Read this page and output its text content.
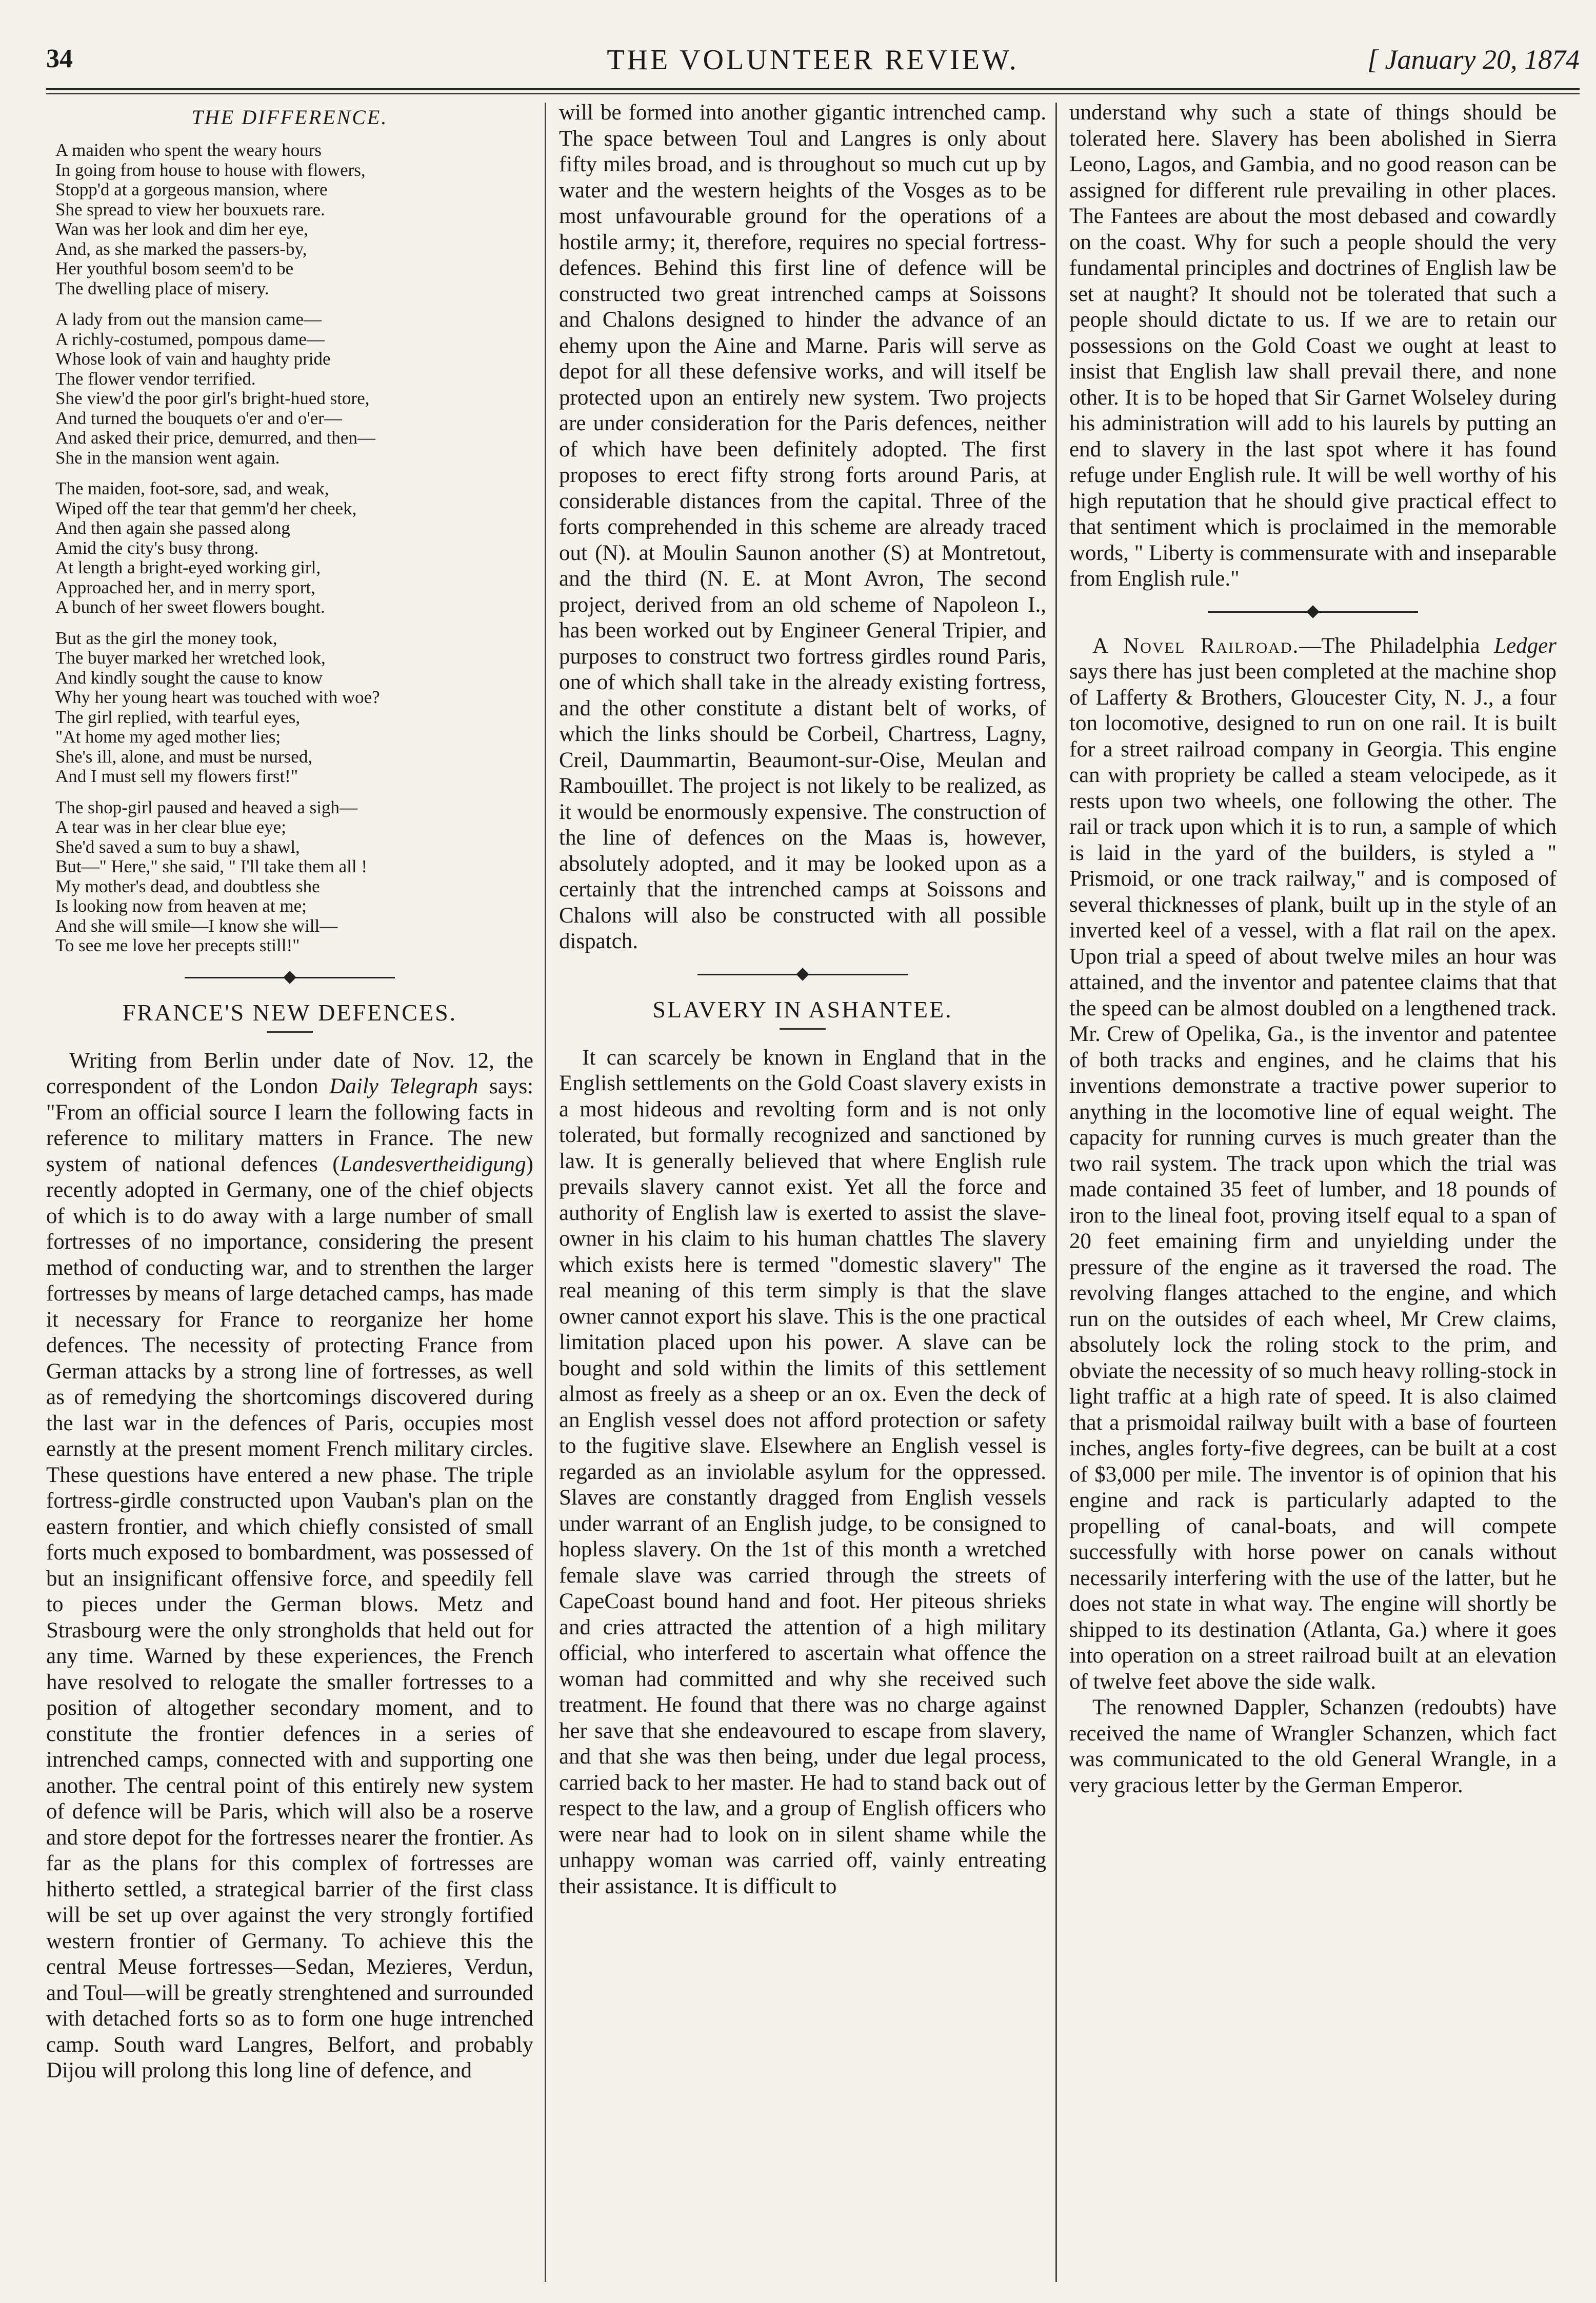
34	THE VOLUNTEER REVIEW.	[ January 20, 1874
THE DIFFERENCE.
A maiden who spent the weary hours
In going from house to house with flowers,
Stopp'd at a gorgeous mansion, where
She spread to view her bouxuets rare.
Wan was her look and dim her eye,
And, as she marked the passers-by,
Her youthful bosom seem'd to be
The dwelling place of misery.
A lady from out the mansion came—
A richly-costumed, pompous dame—
Whose look of vain and haughty pride
The flower vendor terrified.
She view'd the poor girl's bright-hued store,
And turned the bouquets o'er and o'er—
And asked their price, demurred, and then—
She in the mansion went again.
The maiden, foot-sore, sad, and weak,
Wiped off the tear that gemm'd her cheek,
And then again she passed along
Amid the city's busy throng.
At length a bright-eyed working girl,
Approached her, and in merry sport,
A bunch of her sweet flowers bought.
But as the girl the money took,
The buyer marked her wretched look,
And kindly sought the cause to know
Why her young heart was touched with woe?
The girl replied, with tearful eyes,
"At home my aged mother lies;
She's ill, alone, and must be nursed,
And I must sell my flowers first!"
The shop-girl paused and heaved a sigh—
A tear was in her clear blue eye;
She'd saved a sum to buy a shawl,
But—" Here," she said, " I'll take them all !
My mother's dead, and doubtless she
Is looking now from heaven at me;
And she will smile—I know she will—
To see me love her precepts still!"
FRANCE'S NEW DEFENCES.

Writing from Berlin under date of Nov. 12, the correspondent of the London Daily Telegraph says: "From an official source I learn the following facts in reference to military matters in France. The new system of national defences (Landesvertheidigung) recently adopted in Germany, one of the chief objects of which is to do away with a large number of small fortresses of no importance, considering the present method of conducting war, and to strenthen the larger fortresses by means of large detached camps, has made it necessary for France to reorganize her home defences. The necessity of protecting France from German attacks by a strong line of fortresses, as well as of remedying the shortcomings discovered during the last war in the defences of Paris, occupies most earnstly at the present moment French military circles. These questions have entered a new phase. The triple fortress-girdle constructed upon Vauban's plan on the eastern frontier, and which chiefly consisted of small forts much exposed to bombardment, was possessed of but an insignificant offensive force, and speedily fell to pieces under the German blows. Metz and Strasbourg were the only strongholds that held out for any time. Warned by these experiences, the French have resolved to relogate the smaller fortresses to a position of altogether secondary moment, and to constitute the frontier defences in a series of intrenched camps, connected with and supporting one another. The central point of this entirely new system of defence will be Paris, which will also be a roserve and store depot for the fortresses nearer the frontier. As far as the plans for this complex of fortresses are hitherto settled, a strategical barrier of the first class will be set up over against the very strongly fortified western frontier of Germany. To achieve this the central Meuse fortresses—Sedan, Mezieres, Verdun, and Toul—will be greatly strenghtened and surrounded with detached forts so as to form one huge intrenched camp. South ward Langres, Belfort, and probably Dijou will prolong this long line of defence, and

will be formed into another gigantic intrenched camp. The space between Toul and Langres is only about fifty miles broad, and is throughout so much cut up by water and the western heights of the Vosges as to be most unfavourable ground for the operations of a hostile army; it, therefore, requires no special fortress-defences. Behind this first line of defence will be constructed two great intrenched camps at Soissons and Chalons designed to hinder the advance of an ehemy upon the Aine and Marne. Paris will serve as depot for all these defensive works, and will itself be protected upon an entirely new system. Two projects are under consideration for the Paris defences, neither of which have been definitely adopted. The first proposes to erect fifty strong forts around Paris, at considerable distances from the capital. Three of the forts comprehended in this scheme are already traced out (N). at Moulin Saunon another (S) at Montretout, and the third (N. E. at Mont Avron, The second project, derived from an old scheme of Napoleon I., has been worked out by Engineer General Tripier, and purposes to construct two fortress girdles round Paris, one of which shall take in the already existing fortress, and the other constitute a distant belt of works, of which the links should be Corbeil, Chartress, Lagny, Creil, Daummartin, Beaumont-sur-Oise, Meulan and Rambouillet. The project is not likely to be realized, as it would be enormously expensive. The construction of the line of defences on the Maas is, however, absolutely adopted, and it may be looked upon as a certainly that the intrenched camps at Soissons and Chalons will also be constructed with all possible dispatch.

SLAVERY IN ASHANTEE.

It can scarcely be known in England that in the English settlements on the Gold Coast slavery exists in a most hideous and revolting form and is not only tolerated, but formally recognized and sanctioned by law. It is generally believed that where English rule prevails slavery cannot exist. Yet all the force and authority of English law is exerted to assist the slave-owner in his claim to his human chattles The slavery which exists here is termed "domestic slavery" The real meaning of this term simply is that the slave owner cannot export his slave. This is the one practical limitation placed upon his power. A slave can be bought and sold within the limits of this settlement almost as freely as a sheep or an ox. Even the deck of an English vessel does not afford protection or safety to the fugitive slave. Elsewhere an English vessel is regarded as an inviolable asylum for the oppressed. Slaves are constantly dragged from English vessels under warrant of an English judge, to be consigned to hopless slavery. On the 1st of this month a wretched female slave was carried through the streets of CapeCoast bound hand and foot. Her piteous shrieks and cries attracted the attention of a high military official, who interfered to ascertain what offence the woman had committed and why she received such treatment. He found that there was no charge against her save that she endeavoured to escape from slavery, and that she was then being, under due legal process, carried back to her master. He had to stand back out of respect to the law, and a group of English officers who were near had to look on in silent shame while the unhappy woman was carried off, vainly entreating their assistance. It is difficult to

understand why such a state of things should be tolerated here. Slavery has been abolished in Sierra Leono, Lagos, and Gambia, and no good reason can be assigned for different rule prevailing in other places. The Fantees are about the most debased and cowardly on the coast. Why for such a people should the very fundamental principles and doctrines of English law be set at naught? It should not be tolerated that such a people should dictate to us. If we are to retain our possessions on the Gold Coast we ought at least to insist that English law shall prevail there, and none other. It is to be hoped that Sir Garnet Wolseley during his administration will add to his laurels by putting an end to slavery in the last spot where it has found refuge under English rule. It will be well worthy of his high reputation that he should give practical effect to that sentiment which is proclaimed in the memorable words, " Liberty is commensurate with and inseparable from English rule."

A Novel Railroad.—The Philadelphia Ledger says there has just been completed at the machine shop of Lafferty & Brothers, Gloucester City, N. J., a four ton locomotive, designed to run on one rail. It is built for a street railroad company in Georgia. This engine can with propriety be called a steam velocipede, as it rests upon two wheels, one following the other. The rail or track upon which it is to run, a sample of which is laid in the yard of the builders, is styled a " Prismoid, or one track railway," and is composed of several thicknesses of plank, built up in the style of an inverted keel of a vessel, with a flat rail on the apex. Upon trial a speed of about twelve miles an hour was attained, and the inventor and patentee claims that that the speed can be almost doubled on a lengthened track. Mr. Crew of Opelika, Ga., is the inventor and patentee of both tracks and engines, and he claims that his inventions demonstrate a tractive power superior to anything in the locomotive line of equal weight. The capacity for running curves is much greater than the two rail system. The track upon which the trial was made contained 35 feet of lumber, and 18 pounds of iron to the lineal foot, proving itself equal to a span of 20 feet emaining firm and unyielding under the pressure of the engine as it traversed the road. The revolving flanges attached to the engine, and which run on the outsides of each wheel, Mr Crew claims, absolutely lock the roling stock to the prim, and obviate the necessity of so much heavy rolling-stock in light traffic at a high rate of speed. It is also claimed that a prismoidal railway built with a base of fourteen inches, angles forty-five degrees, can be built at a cost of $3,000 per mile. The inventor is of opinion that his engine and rack is particularly adapted to the propelling of canal-boats, and will compete successfully with horse power on canals without necessarily interfering with the use of the latter, but he does not state in what way. The engine will shortly be shipped to its destination (Atlanta, Ga.) where it goes into operation on a street railroad built at an elevation of twelve feet above the side walk.

The renowned Dappler, Schanzen (redoubts) have received the name of Wrangler Schanzen, which fact was communicated to the old General Wrangle, in a very gracious letter by the German Emperor.
